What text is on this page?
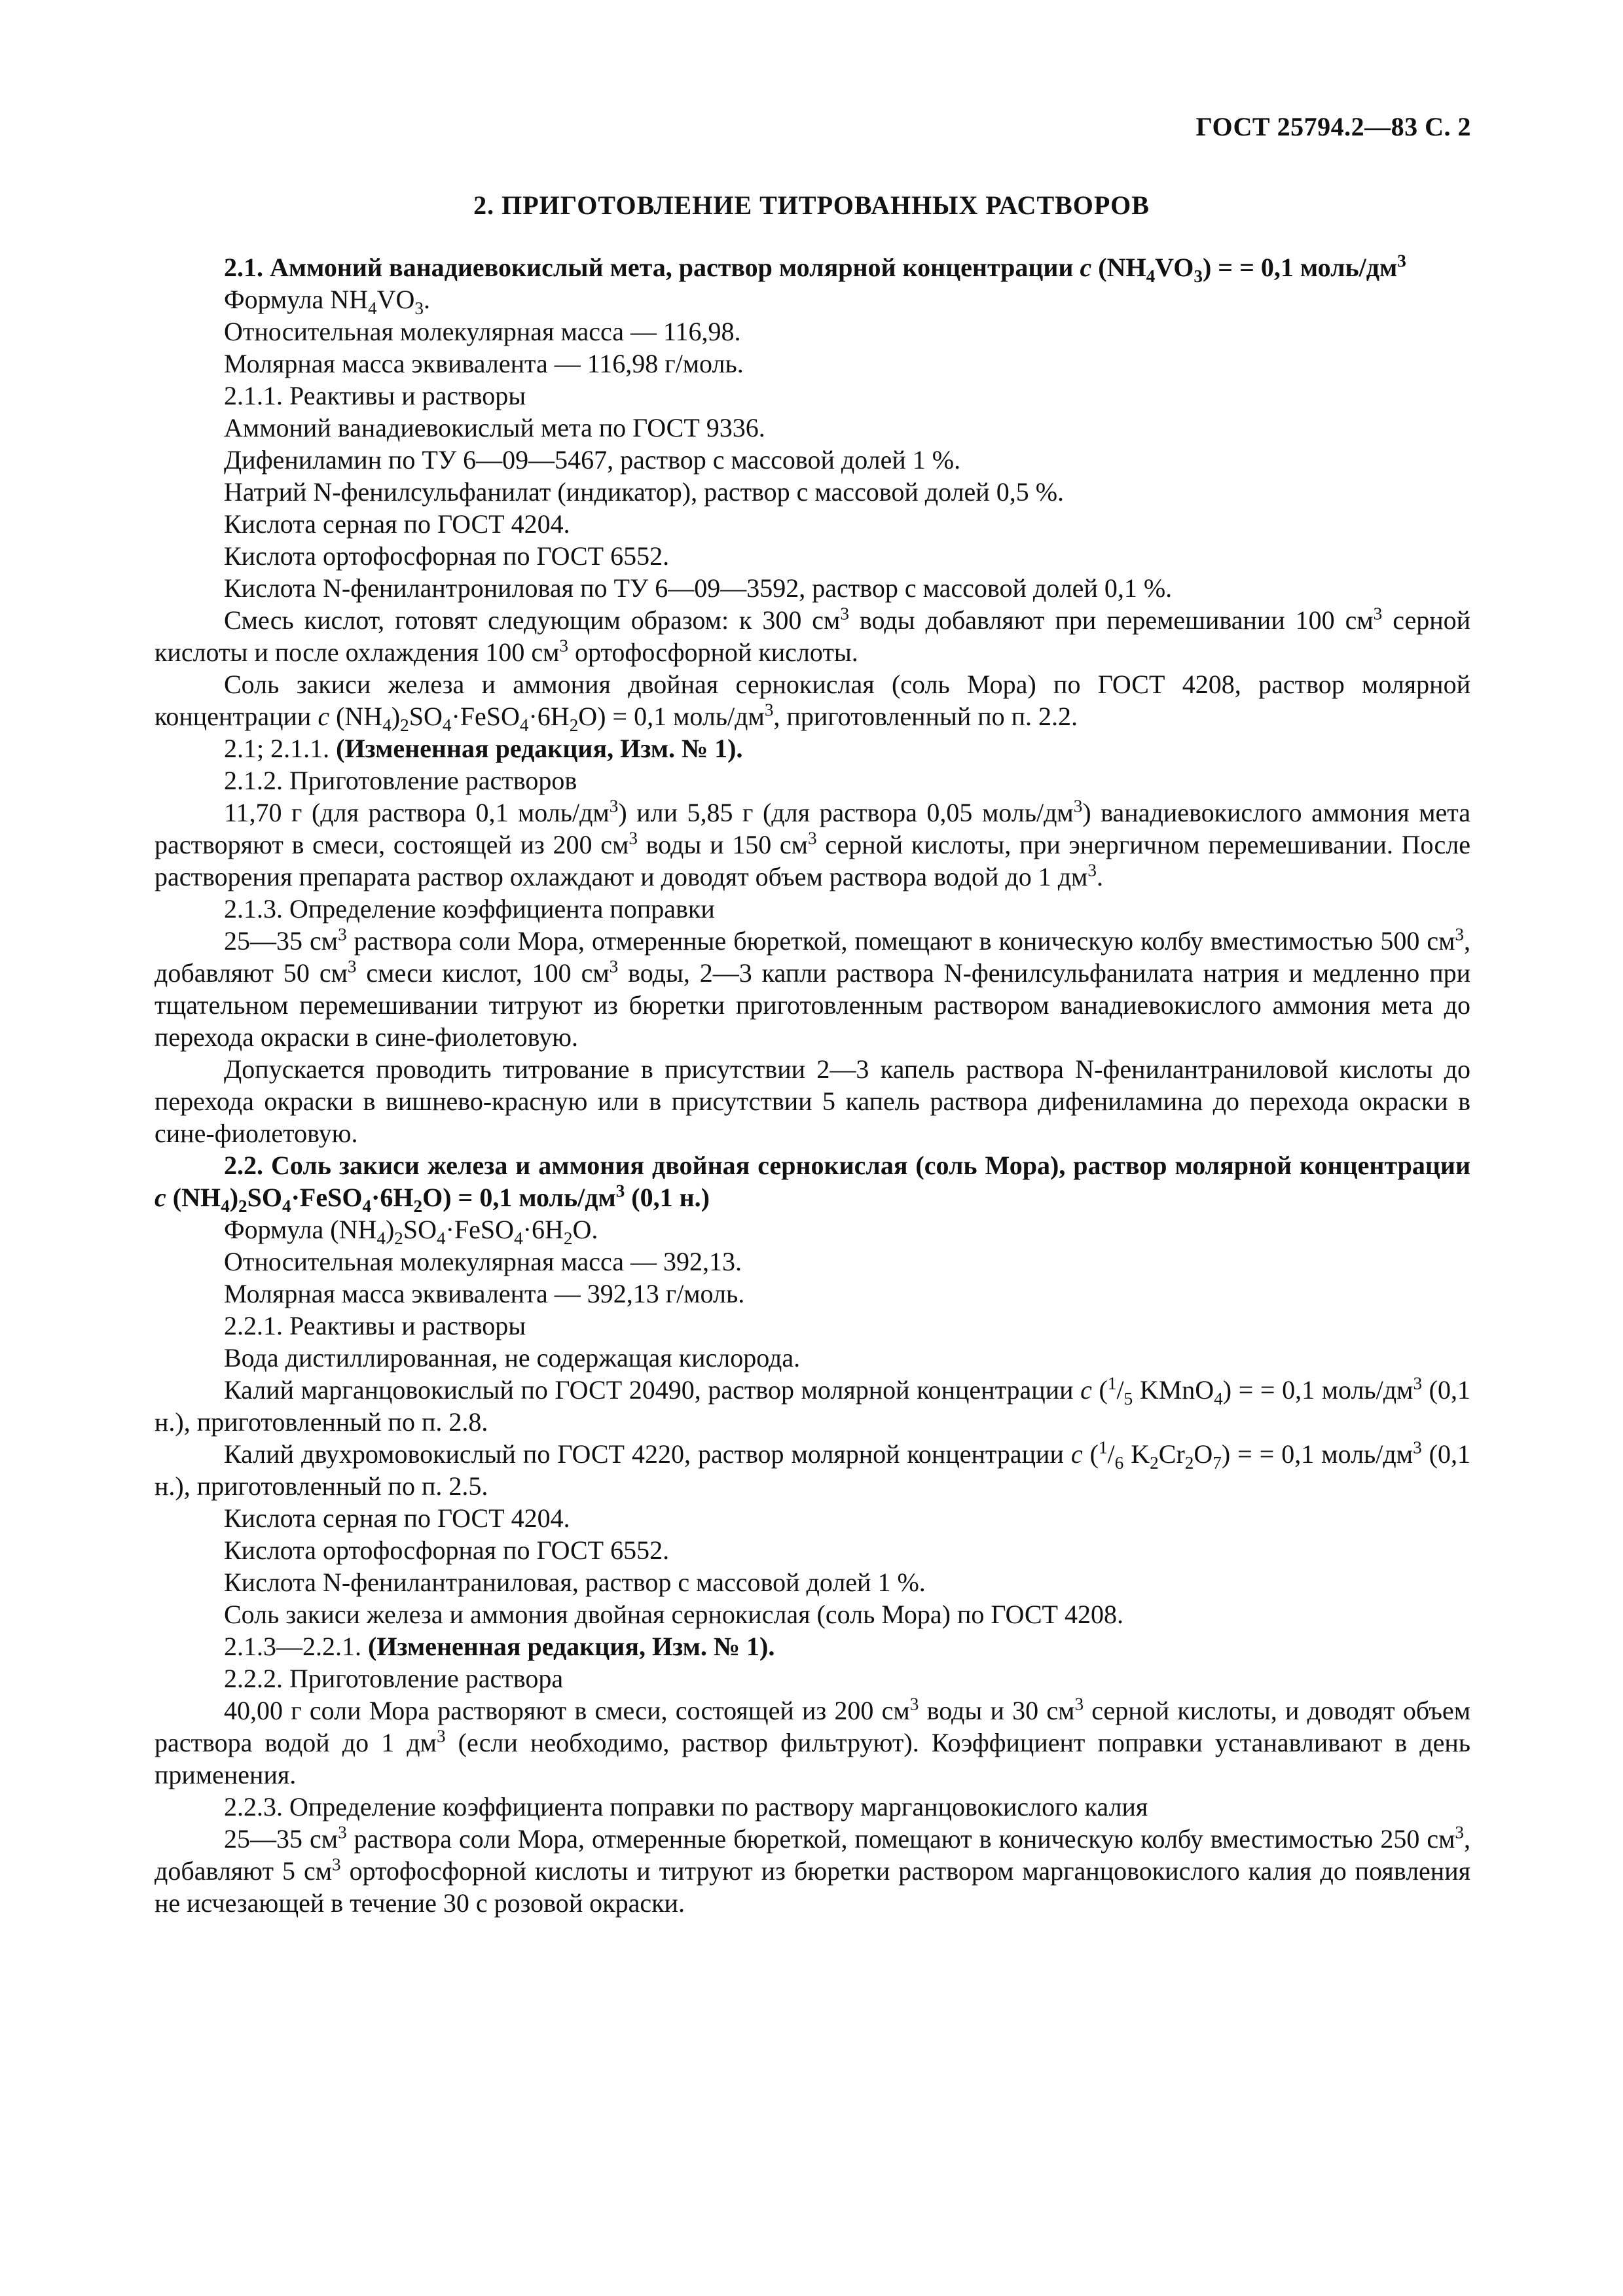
ГОСТ 25794.2—83 С. 2
2. ПРИГОТОВЛЕНИЕ ТИТРОВАННЫХ РАСТВОРОВ

2.1. Аммоний ванадиевокислый мета, раствор молярной концентрации c $(NH_4VO_3)$ = = 0,1 моль/$дм^3$

Формула $NH_4VO_3$.

Относительная молекулярная масса — 116,98.

Молярная масса эквивалента — 116,98 г/моль.

2.1.1. Реактивы и растворы

Аммоний ванадиевокислый мета по ГОСТ 9336.

Дифениламин по ТУ 6—09—5467, раствор с массовой долей 1 %.

Натрий N-фенилсульфанилат (индикатор), раствор с массовой долей 0,5 %.

Кислота серная по ГОСТ 4204.

Кислота ортофосфорная по ГОСТ 6552.

Кислота N-фенилантрониловая по ТУ 6—09—3592, раствор с массовой долей 0,1 %.

Смесь кислот, готовят следующим образом: к 300 $см^3$ воды добавляют при перемешивании 100 $см^3$ серной кислоты и после охлаждения 100 $см^3$ ортофосфорной кислоты.

Соль закиси железа и аммония двойная сернокислая (соль Мора) по ГОСТ 4208, раствор молярной концентрации c $(NH_4)_2SO_4\cdot FeSO_4\cdot 6H_2O) = 0,1$ моль/$дм^3$, приготовленный по п. 2.2.

2.1; 2.1.1. (Измененная редакция, Изм. № 1).

2.1.2. Приготовление растворов

11,70 г (для раствора 0,1 моль/$дм^3$) или 5,85 г (для раствора 0,05 моль/$дм^3$) ванадиевокислого аммония мета растворяют в смеси, состоящей из 200 $см^3$ воды и 150 $см^3$ серной кислоты, при энергичном перемешивании. После растворения препарата раствор охлаждают и доводят объем раствора водой до 1 $дм^3$.

2.1.3. Определение коэффициента поправки

25—35 $см^3$ раствора соли Мора, отмеренные бюреткой, помещают в коническую колбу вместимостью 500 $см^3$, добавляют 50 $см^3$ смеси кислот, 100 $см^3$ воды, 2—3 капли раствора N-фенилсульфанилата натрия и медленно при тщательном перемешивании титруют из бюретки приготовленным раствором ванадиевокислого аммония мета до перехода окраски в сине-фиолетовую.

Допускается проводить титрование в присутствии 2—3 капель раствора N-фенилантраниловой кислоты до перехода окраски в вишнево-красную или в присутствии 5 капель раствора дифениламина до перехода окраски в сине-фиолетовую.

2.2. Соль закиси железа и аммония двойная сернокислая (соль Мора), раствор молярной концентрации c $(NH_4)_2SO_4\cdot FeSO_4\cdot 6H_2O) = 0,1$ моль/$дм^3$ (0,1 н.)

Формула $(NH_4)_2SO_4\cdot FeSO_4\cdot 6H_2O$.

Относительная молекулярная масса — 392,13.

Молярная масса эквивалента — 392,13 г/моль.

2.2.1. Реактивы и растворы

Вода дистиллированная, не содержащая кислорода.

Калий марганцовокислый по ГОСТ 20490, раствор молярной концентрации c ($^1/_5$ KMnO$_4$) = = 0,1 моль/$дм^3$ (0,1 н.), приготовленный по п. 2.8.

Калий двухромовокислый по ГОСТ 4220, раствор молярной концентрации c ($^1/_6$ $K_2Cr_2O_7$) = = 0,1 моль/$дм^3$ (0,1 н.), приготовленный по п. 2.5.

Кислота серная по ГОСТ 4204.

Кислота ортофосфорная по ГОСТ 6552.

Кислота N-фенилантраниловая, раствор с массовой долей 1 %.

Соль закиси железа и аммония двойная сернокислая (соль Мора) по ГОСТ 4208.

2.1.3—2.2.1. (Измененная редакция, Изм. № 1).

2.2.2. Приготовление раствора

40,00 г соли Мора растворяют в смеси, состоящей из 200 $см^3$ воды и 30 $см^3$ серной кислоты, и доводят объем раствора водой до 1 $дм^3$ (если необходимо, раствор фильтруют). Коэффициент поправки устанавливают в день применения.

2.2.3. Определение коэффициента поправки по раствору марганцовокислого калия

25—35 $см^3$ раствора соли Мора, отмеренные бюреткой, помещают в коническую колбу вместимостью 250 $см^3$, добавляют 5 $см^3$ ортофосфорной кислоты и титруют из бюретки раствором марганцовокислого калия до появления не исчезающей в течение 30 с розовой окраски.
